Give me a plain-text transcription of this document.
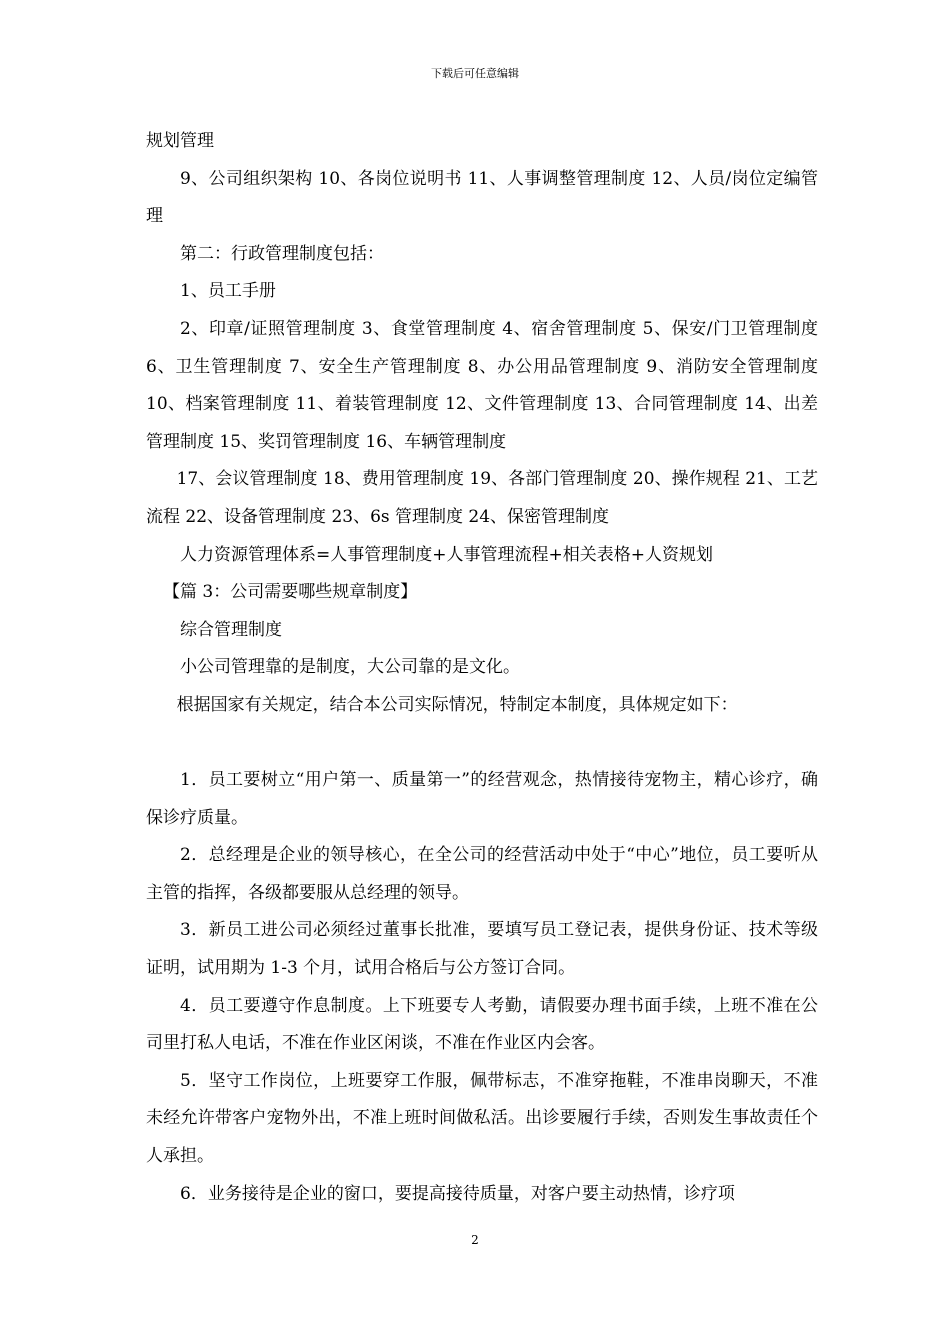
下载后可任意编辑

规划管理

9、公司组织架构 10、各岗位说明书 11、人事调整管理制度 12、人员/岗位定编管理

第二：行政管理制度包括：

1、员工手册

2、印章/证照管理制度 3、食堂管理制度 4、宿舍管理制度 5、保安/门卫管理制度 6、卫生管理制度 7、安全生产管理制度 8、办公用品管理制度 9、消防安全管理制度 10、档案管理制度 11、着装管理制度 12、文件管理制度 13、合同管理制度 14、出差管理制度 15、奖罚管理制度 16、车辆管理制度

17、会议管理制度 18、费用管理制度 19、各部门管理制度 20、操作规程 21、工艺流程 22、设备管理制度 23、6s 管理制度 24、保密管理制度

人力资源管理体系=人事管理制度+人事管理流程+相关表格+人资规划

【篇 3：公司需要哪些规章制度】

综合管理制度

小公司管理靠的是制度，大公司靠的是文化。

根据国家有关规定，结合本公司实际情况，特制定本制度，具体规定如下：

1．员工要树立“用户第一、质量第一”的经营观念，热情接待宠物主，精心诊疗，确保诊疗质量。

2．总经理是企业的领导核心，在全公司的经营活动中处于“中心”地位，员工要听从主管的指挥，各级都要服从总经理的领导。

3．新员工进公司必须经过董事长批准，要填写员工登记表，提供身份证、技术等级证明，试用期为 1-3 个月，试用合格后与公方签订合同。

4．员工要遵守作息制度。上下班要专人考勤，请假要办理书面手续，上班不准在公司里打私人电话，不准在作业区闲谈，不准在作业区内会客。

5．坚守工作岗位，上班要穿工作服，佩带标志，不准穿拖鞋，不准串岗聊天，不准未经允许带客户宠物外出，不准上班时间做私活。出诊要履行手续，否则发生事故责任个人承担。

6．业务接待是企业的窗口，要提高接待质量，对客户要主动热情，诊疗项

2
